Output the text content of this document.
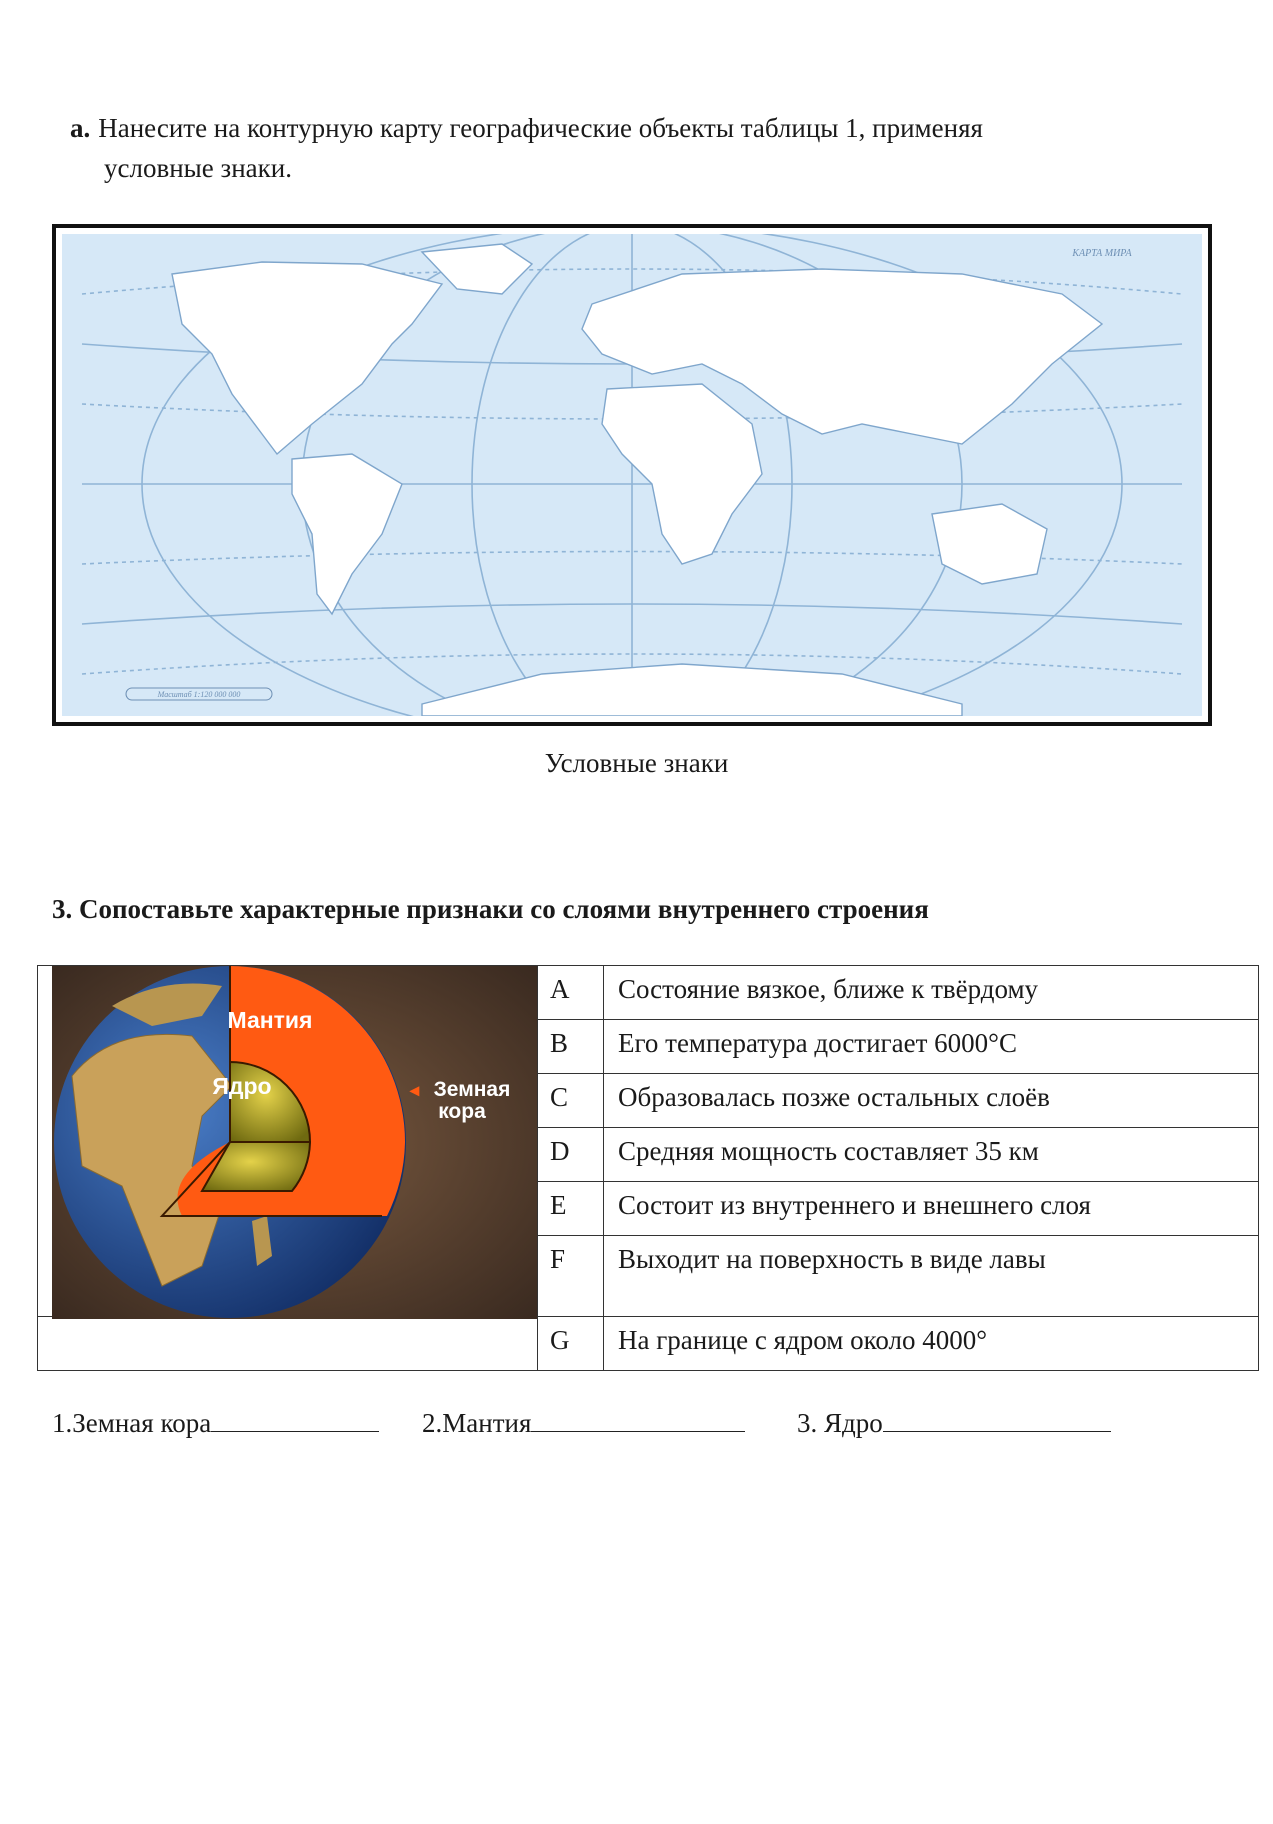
а. Нанесите на контурную карту географические объекты таблицы 1, применяя
условные знаки.
КАРТА МИРА
Масштаб 1:120 000 000
Условные знаки
3. Сопоставьте характерные признаки со слоями внутреннего строения
Мантия
Ядро ◂ Земная
кора	A	Состояние вязкое, ближе к твёрдому
	B	Его температура достигает 6000°С
	C	Образовалась позже остальных слоёв
	D	Средняя мощность составляет 35 км
	E	Состоит из внутреннего и внешнего слоя
	F	Выходит на поверхность в виде лавы
	G	На границе с ядром около 4000°
1.Земная кора	2.Мантия	3. Ядро
